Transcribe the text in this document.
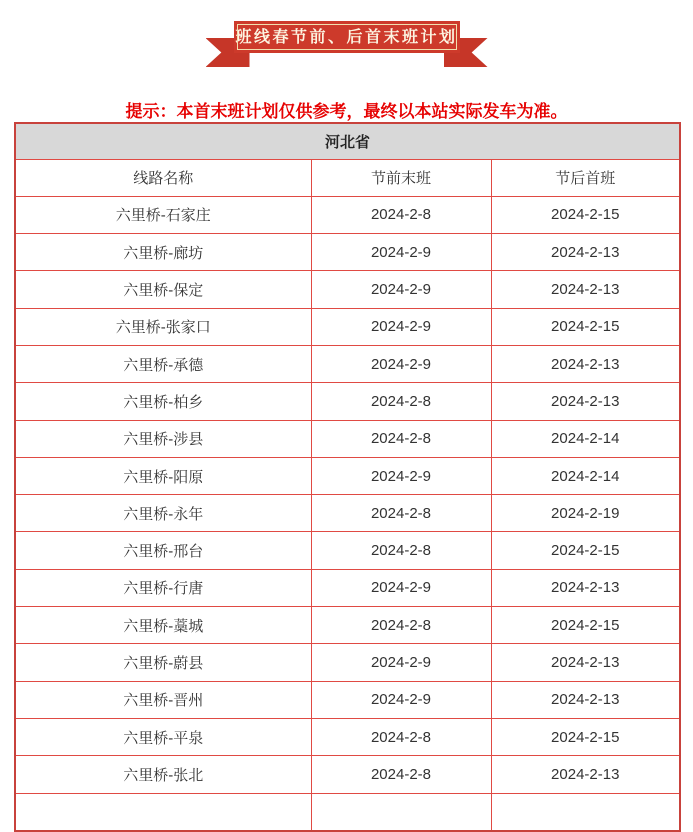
班线春节前、后首末班计划
提示：本首末班计划仅供参考，最终以本站实际发车为准。
河北省		
线路名称	节前末班	节后首班
六里桥-石家庄	2024-2-8	2024-2-15
六里桥-廊坊	2024-2-9	2024-2-13
六里桥-保定	2024-2-9	2024-2-13
六里桥-张家口	2024-2-9	2024-2-15
六里桥-承德	2024-2-9	2024-2-13
六里桥-柏乡	2024-2-8	2024-2-13
六里桥-涉县	2024-2-8	2024-2-14
六里桥-阳原	2024-2-9	2024-2-14
六里桥-永年	2024-2-8	2024-2-19
六里桥-邢台	2024-2-8	2024-2-15
六里桥-行唐	2024-2-9	2024-2-13
六里桥-藁城	2024-2-8	2024-2-15
六里桥-蔚县	2024-2-9	2024-2-13
六里桥-晋州	2024-2-9	2024-2-13
六里桥-平泉	2024-2-8	2024-2-15
六里桥-张北	2024-2-8	2024-2-13
